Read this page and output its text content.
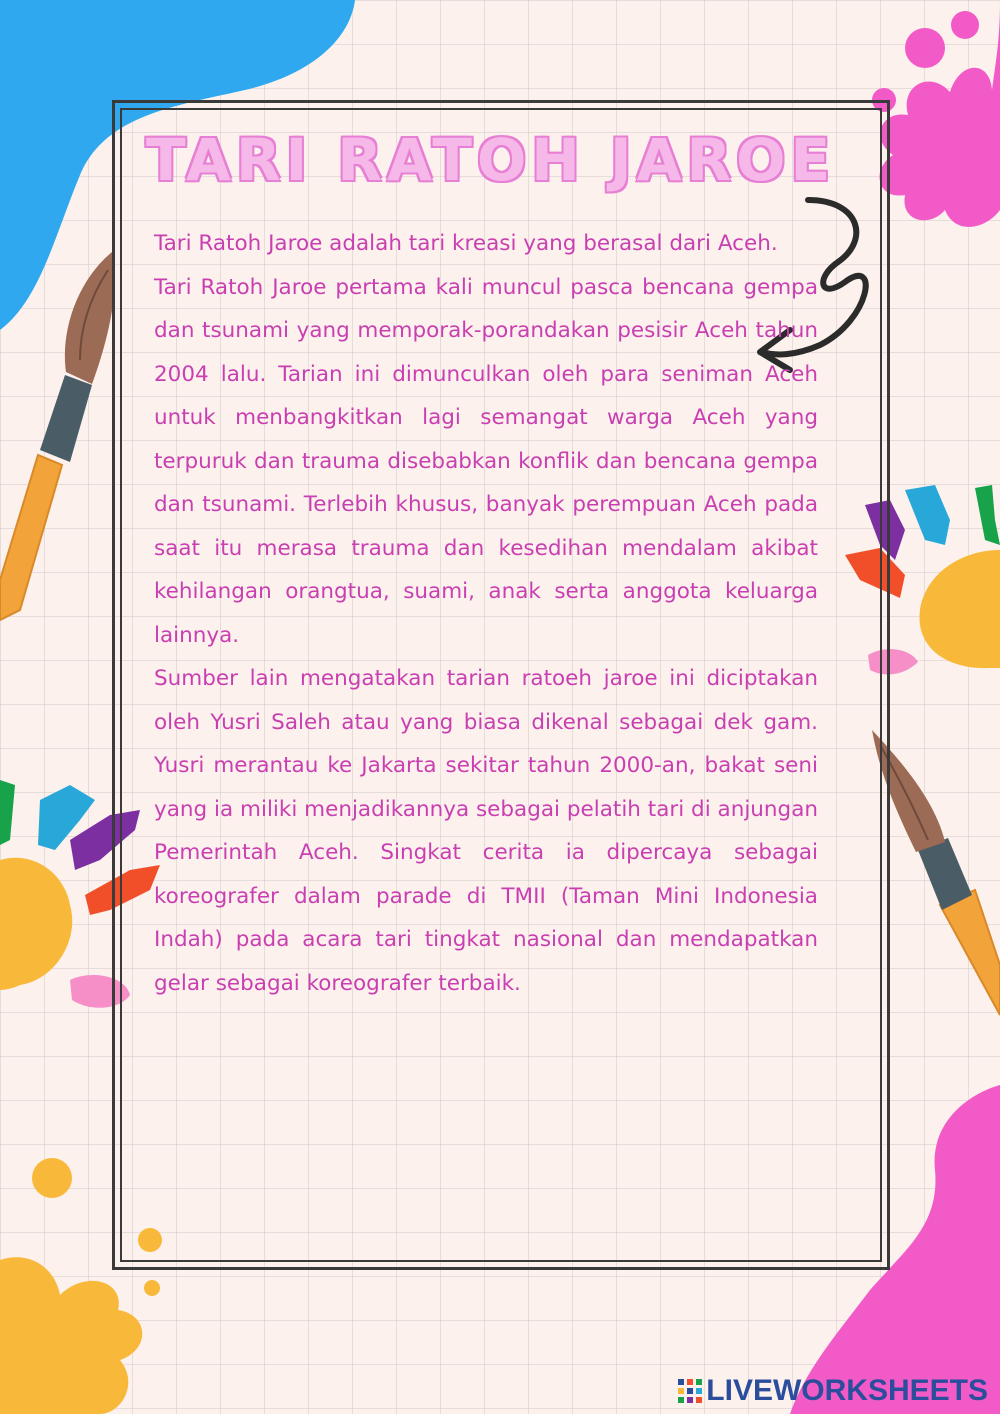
TARI RATOH JAROE

Tari Ratoh Jaroe adalah tari kreasi yang berasal dari Aceh.

Tari Ratoh Jaroe pertama kali muncul pasca bencana gempa dan tsunami yang memporak-porandakan pesisir Aceh tahun 2004 lalu. Tarian ini dimunculkan oleh para seniman Aceh untuk menbangkitkan lagi semangat warga Aceh yang terpuruk dan trauma disebabkan konflik dan bencana gempa dan tsunami. Terlebih khusus, banyak perempuan Aceh pada saat itu merasa trauma dan kesedihan mendalam akibat kehilangan orangtua, suami, anak serta anggota keluarga lainnya.

Sumber lain mengatakan tarian ratoeh jaroe ini diciptakan oleh Yusri Saleh atau yang biasa dikenal sebagai dek gam. Yusri merantau ke Jakarta sekitar tahun 2000-an, bakat seni yang ia miliki menjadikannya sebagai pelatih tari di anjungan Pemerintah Aceh. Singkat cerita ia dipercaya sebagai koreografer dalam parade di TMII (Taman Mini Indonesia Indah) pada acara tari tingkat nasional dan mendapatkan gelar sebagai koreografer terbaik.

LIVEWORKSHEETS
